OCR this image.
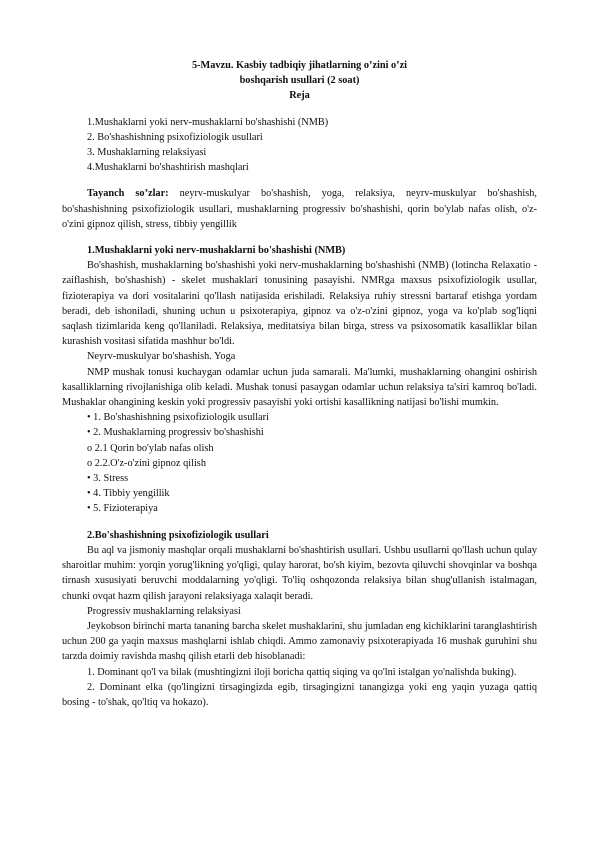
5-Mavzu. Kasbiy tadbiqiy jihatlarning o’zini o’zi
boshqarish usullari (2 soat)
Reja
1.Mushaklarni yoki nerv-mushaklarni bo'shashishi (NMB)
2. Bo'shashishning psixofiziologik usullari
3. Mushaklarning relaksiyasi
4.Mushaklarni bo'shashtirish mashqlari
Tayanch so’zlar: neyrv-muskulyar bo'shashish, yoga, relaksiya, neyrv-muskulyar bo'shashish, bo'shashishning psixofiziologik usullari, mushaklarning progressiv bo'shashishi, qorin bo'ylab nafas olish, o'z-o'zini gipnoz qilish, stress, tibbiy yengillik
1.Mushaklarni yoki nerv-mushaklarni bo'shashishi (NMB)
Bo'shashish, mushaklarning bo'shashishi yoki nerv-mushaklarning bo'shashishi (NMB) (lotincha Relaxatio - zaiflashish, bo'shashish) - skelet mushaklari tonusining pasayishi. NMRga maxsus psixofiziologik usullar, fizioterapiya va dori vositalarini qo'llash natijasida erishiladi. Relaksiya ruhiy stressni bartaraf etishga yordam beradi, deb ishoniladi, shuning uchun u psixoterapiya, gipnoz va o'z-o'zini gipnoz, yoga va ko'plab sog'liqni saqlash tizimlarida keng qo'llaniladi. Relaksiya, meditatsiya bilan birga, stress va psixosomatik kasalliklar bilan kurashish vositasi sifatida mashhur bo'ldi.
Neyrv-muskulyar bo'shashish. Yoga
NMP mushak tonusi kuchaygan odamlar uchun juda samarali. Ma'lumki, mushaklarning ohangini oshirish kasalliklarning rivojlanishiga olib keladi. Mushak tonusi pasaygan odamlar uchun relaksiya ta'siri kamroq bo'ladi. Mushaklar ohangining keskin yoki progressiv pasayishi yoki ortishi kasallikning natijasi bo'lishi mumkin.
• 1. Bo'shashishning psixofiziologik usullari
• 2. Mushaklarning progressiv bo'shashishi
o 2.1 Qorin bo'ylab nafas olish
o 2.2.O'z-o'zini gipnoz qilish
• 3. Stress
• 4. Tibbiy yengillik
• 5. Fizioterapiya
2.Bo'shashishning psixofiziologik usullari
Bu aql va jismoniy mashqlar orqali mushaklarni bo'shashtirish usullari. Ushbu usullarni qo'llash uchun qulay sharoitlar muhim: yorqin yorug'likning yo'qligi, qulay harorat, bo'sh kiyim, bezovta qiluvchi shovqinlar va boshqa tirnash xususiyati beruvchi moddalarning yo'qligi. To'liq oshqozonda relaksiya bilan shug'ullanish istalmagan, chunki ovqat hazm qilish jarayoni relaksiyaga xalaqit beradi.
Progressiv mushaklarning relaksiyasi
Jeykobson birinchi marta tananing barcha skelet mushaklarini, shu jumladan eng kichiklarini taranglashtirish uchun 200 ga yaqin maxsus mashqlarni ishlab chiqdi. Ammo zamonaviy psixoterapiyada 16 mushak guruhini shu tarzda doimiy ravishda mashq qilish etarli deb hisoblanadi:
1. Dominant qo'l va bilak (mushtingizni iloji boricha qattiq siqing va qo'lni istalgan yo'nalishda buking).
2. Dominant elka (qo'lingizni tirsagingizda egib, tirsagingizni tanangizga yoki eng yaqin yuzaga qattiq bosing - to'shak, qo'ltiq va hokazo).
